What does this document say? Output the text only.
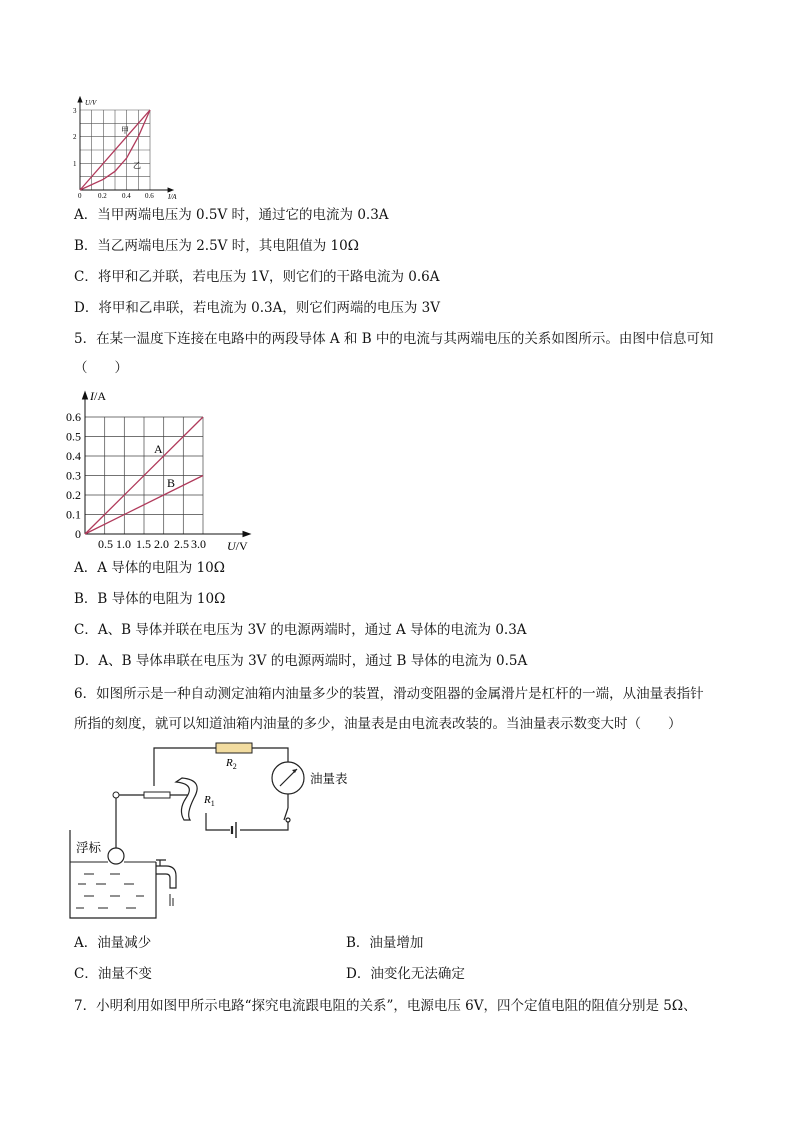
U/V
I/A
1
2
3
0 0.2 0.4 0.6
甲
乙
A．当甲两端电压为 0.5V 时，通过它的电流为 0.3A
B．当乙两端电压为 2.5V 时，其电阻值为 10Ω
C．将甲和乙并联，若电压为 1V，则它们的干路电流为 0.6A
D．将甲和乙串联，若电流为 0.3A，则它们两端的电压为 3V
5．在某一温度下连接在电路中的两段导体 A 和 B 中的电流与其两端电压的关系如图所示。由图中信息可知
（　　）
I/A
U/V
0
0.1
0.2
0.3
0.4
0.5
0.6
0.5 1.0 1.5 2.0 2.5 3.0
A
B
A．A 导体的电阻为 10Ω
B．B 导体的电阻为 10Ω
C．A、B 导体并联在电压为 3V 的电源两端时，通过 A 导体的电流为 0.3A
D．A、B 导体串联在电压为 3V 的电源两端时，通过 B 导体的电流为 0.5A
6．如图所示是一种自动测定油箱内油量多少的装置，滑动变阻器的金属滑片是杠杆的一端，从油量表指针
所指的刻度，就可以知道油箱内油量的多少，油量表是由电流表改装的。当油量表示数变大时（　　）
$R_2$
油量表
$R_1$
浮标
A．油量减少	B．油量增加
C．油量不变	D．油变化无法确定
7．小明利用如图甲所示电路“探究电流跟电阻的关系”，电源电压 6V，四个定值电阻的阻值分别是 5Ω、
